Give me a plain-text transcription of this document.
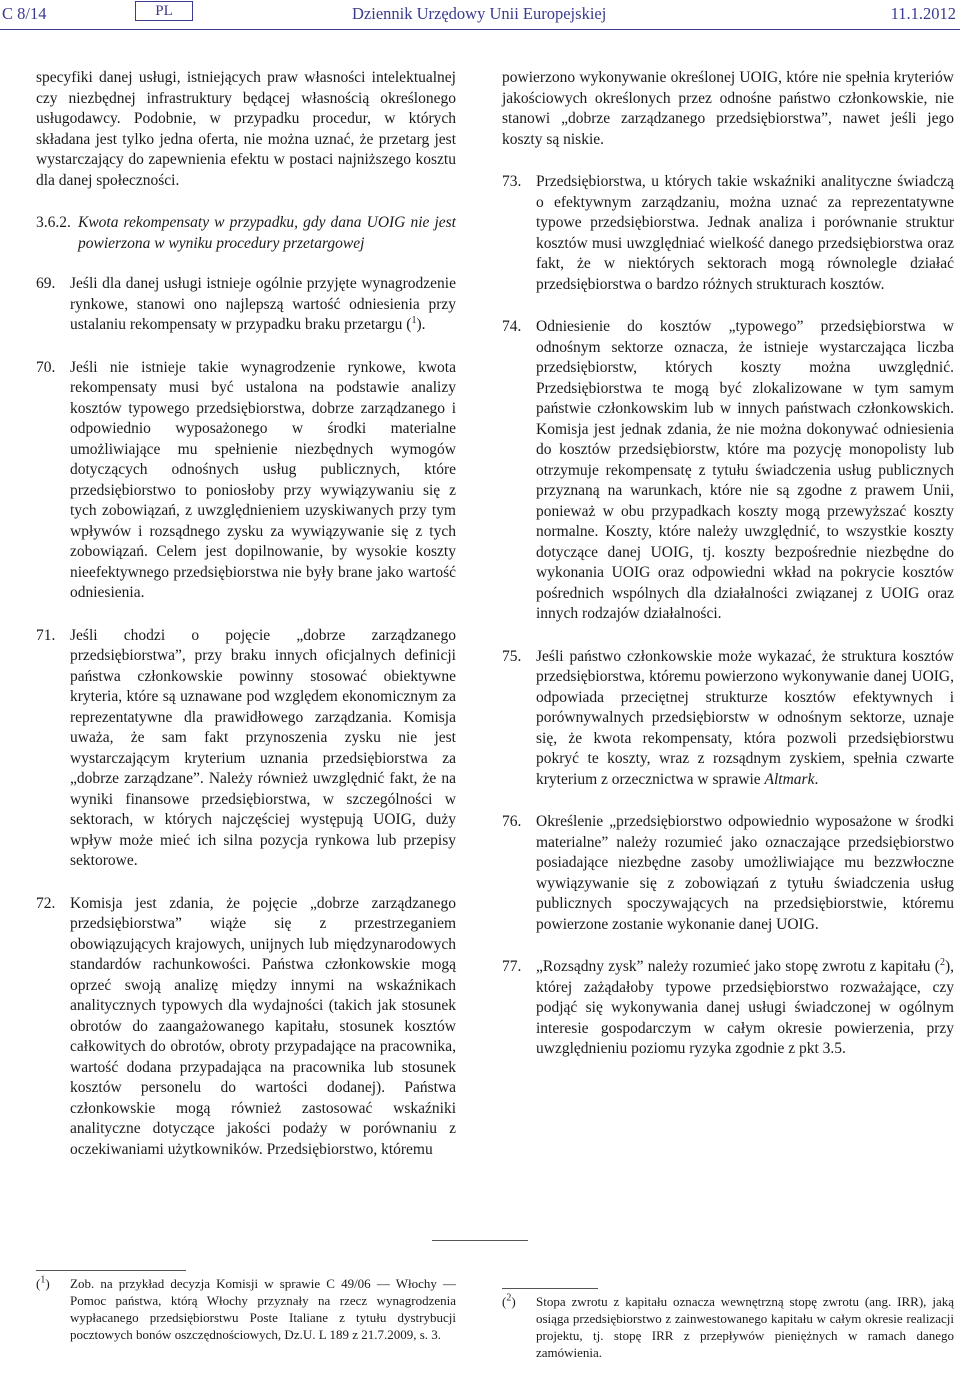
C 8/14	PL	Dziennik Urzędowy Unii Europejskiej	11.1.2012

specyfiki danej usługi, istniejących praw własności intelektualnej czy niezbędnej infrastruktury będącej własnością określonego usługodawcy. Podobnie, w przypadku procedur, w których składana jest tylko jedna oferta, nie można uznać, że przetarg jest wystarczający do zapewnienia efektu w postaci najniższego kosztu dla danej społeczności.

3.6.2. Kwota rekompensaty w przypadku, gdy dana UOIG nie jest powierzona w wyniku procedury przetargowej
69. Jeśli dla danej usługi istnieje ogólnie przyjęte wynagrodzenie rynkowe, stanowi ono najlepszą wartość odniesienia przy ustalaniu rekompensaty w przypadku braku przetargu ($^1$).
70. Jeśli nie istnieje takie wynagrodzenie rynkowe, kwota rekompensaty musi być ustalona na podstawie analizy kosztów typowego przedsiębiorstwa, dobrze zarządzanego i odpowiednio wyposażonego w środki materialne umożliwiające mu spełnienie niezbędnych wymogów dotyczących odnośnych usług publicznych, które przedsiębiorstwo to poniosłoby przy wywiązywaniu się z tych zobowiązań, z uwzględnieniem uzyskiwanych przy tym wpływów i rozsądnego zysku za wywiązywanie się z tych zobowiązań. Celem jest dopilnowanie, by wysokie koszty nieefektywnego przedsiębiorstwa nie były brane jako wartość odniesienia.
71. Jeśli chodzi o pojęcie „dobrze zarządzanego przedsiębiorstwa”, przy braku innych oficjalnych definicji państwa członkowskie powinny stosować obiektywne kryteria, które są uznawane pod względem ekonomicznym za reprezentatywne dla prawidłowego zarządzania. Komisja uważa, że sam fakt przynoszenia zysku nie jest wystarczającym kryterium uznania przedsiębiorstwa za „dobrze zarządzane”. Należy również uwzględnić fakt, że na wyniki finansowe przedsiębiorstwa, w szczególności w sektorach, w których najczęściej występują UOIG, duży wpływ może mieć ich silna pozycja rynkowa lub przepisy sektorowe.
72. Komisja jest zdania, że pojęcie „dobrze zarządzanego przedsiębiorstwa” wiąże się z przestrzeganiem obowiązujących krajowych, unijnych lub międzynarodowych standardów rachunkowości. Państwa członkowskie mogą oprzeć swoją analizę między innymi na wskaźnikach analitycznych typowych dla wydajności (takich jak stosunek obrotów do zaangażowanego kapitału, stosunek kosztów całkowitych do obrotów, obroty przypadające na pracownika, wartość dodana przypadająca na pracownika lub stosunek kosztów personelu do wartości dodanej). Państwa członkowskie mogą również zastosować wskaźniki analityczne dotyczące jakości podaży w porównaniu z oczekiwaniami użytkowników. Przedsiębiorstwo, któremu

powierzono wykonywanie określonej UOIG, które nie spełnia kryteriów jakościowych określonych przez odnośne państwo członkowskie, nie stanowi „dobrze zarządzanego przedsiębiorstwa”, nawet jeśli jego koszty są niskie.

73. Przedsiębiorstwa, u których takie wskaźniki analityczne świadczą o efektywnym zarządzaniu, można uznać za reprezentatywne typowe przedsiębiorstwa. Jednak analiza i porównanie struktur kosztów musi uwzględniać wielkość danego przedsiębiorstwa oraz fakt, że w niektórych sektorach mogą równolegle działać przedsiębiorstwa o bardzo różnych strukturach kosztów.
74. Odniesienie do kosztów „typowego” przedsiębiorstwa w odnośnym sektorze oznacza, że istnieje wystarczająca liczba przedsiębiorstw, których koszty można uwzględnić. Przedsiębiorstwa te mogą być zlokalizowane w tym samym państwie członkowskim lub w innych państwach członkowskich. Komisja jest jednak zdania, że nie można dokonywać odniesienia do kosztów przedsiębiorstw, które ma pozycję monopolisty lub otrzymuje rekompensatę z tytułu świadczenia usług publicznych przyznaną na warunkach, które nie są zgodne z prawem Unii, ponieważ w obu przypadkach koszty mogą przewyższać koszty normalne. Koszty, które należy uwzględnić, to wszystkie koszty dotyczące danej UOIG, tj. koszty bezpośrednie niezbędne do wykonania UOIG oraz odpowiedni wkład na pokrycie kosztów pośrednich wspólnych dla działalności związanej z UOIG oraz innych rodzajów działalności.
75. Jeśli państwo członkowskie może wykazać, że struktura kosztów przedsiębiorstwa, któremu powierzono wykonywanie danej UOIG, odpowiada przeciętnej strukturze kosztów efektywnych i porównywalnych przedsiębiorstw w odnośnym sektorze, uznaje się, że kwota rekompensaty, która pozwoli przedsiębiorstwu pokryć te koszty, wraz z rozsądnym zyskiem, spełnia czwarte kryterium z orzecznictwa w sprawie Altmark.
76. Określenie „przedsiębiorstwo odpowiednio wyposażone w środki materialne” należy rozumieć jako oznaczające przedsiębiorstwo posiadające niezbędne zasoby umożliwiające mu bezzwłoczne wywiązywanie się z zobowiązań z tytułu świadczenia usług publicznych spoczywających na przedsiębiorstwie, któremu powierzone zostanie wykonanie danej UOIG.
77. „Rozsądny zysk” należy rozumieć jako stopę zwrotu z kapitału ($^2$), której zażądałoby typowe przedsiębiorstwo rozważające, czy podjąć się wykonywania danej usługi świadczonej w ogólnym interesie gospodarczym w całym okresie powierzenia, przy uwzględnieniu poziomu ryzyka zgodnie z pkt 3.5.
($^1$)	Zob. na przykład decyzja Komisji w sprawie C 49/06 — Włochy — Pomoc państwa, którą Włochy przyznały na rzecz wynagrodzenia wypłacanego przedsiębiorstwu Poste Italiane z tytułu dystrybucji pocztowych bonów oszczędnościowych, Dz.U. L 189 z 21.7.2009, s. 3.
($^2$)	Stopa zwrotu z kapitału oznacza wewnętrzną stopę zwrotu (ang. IRR), jaką osiąga przedsiębiorstwo z zainwestowanego kapitału w całym okresie realizacji projektu, tj. stopę IRR z przepływów pieniężnych w ramach danego zamówienia.
